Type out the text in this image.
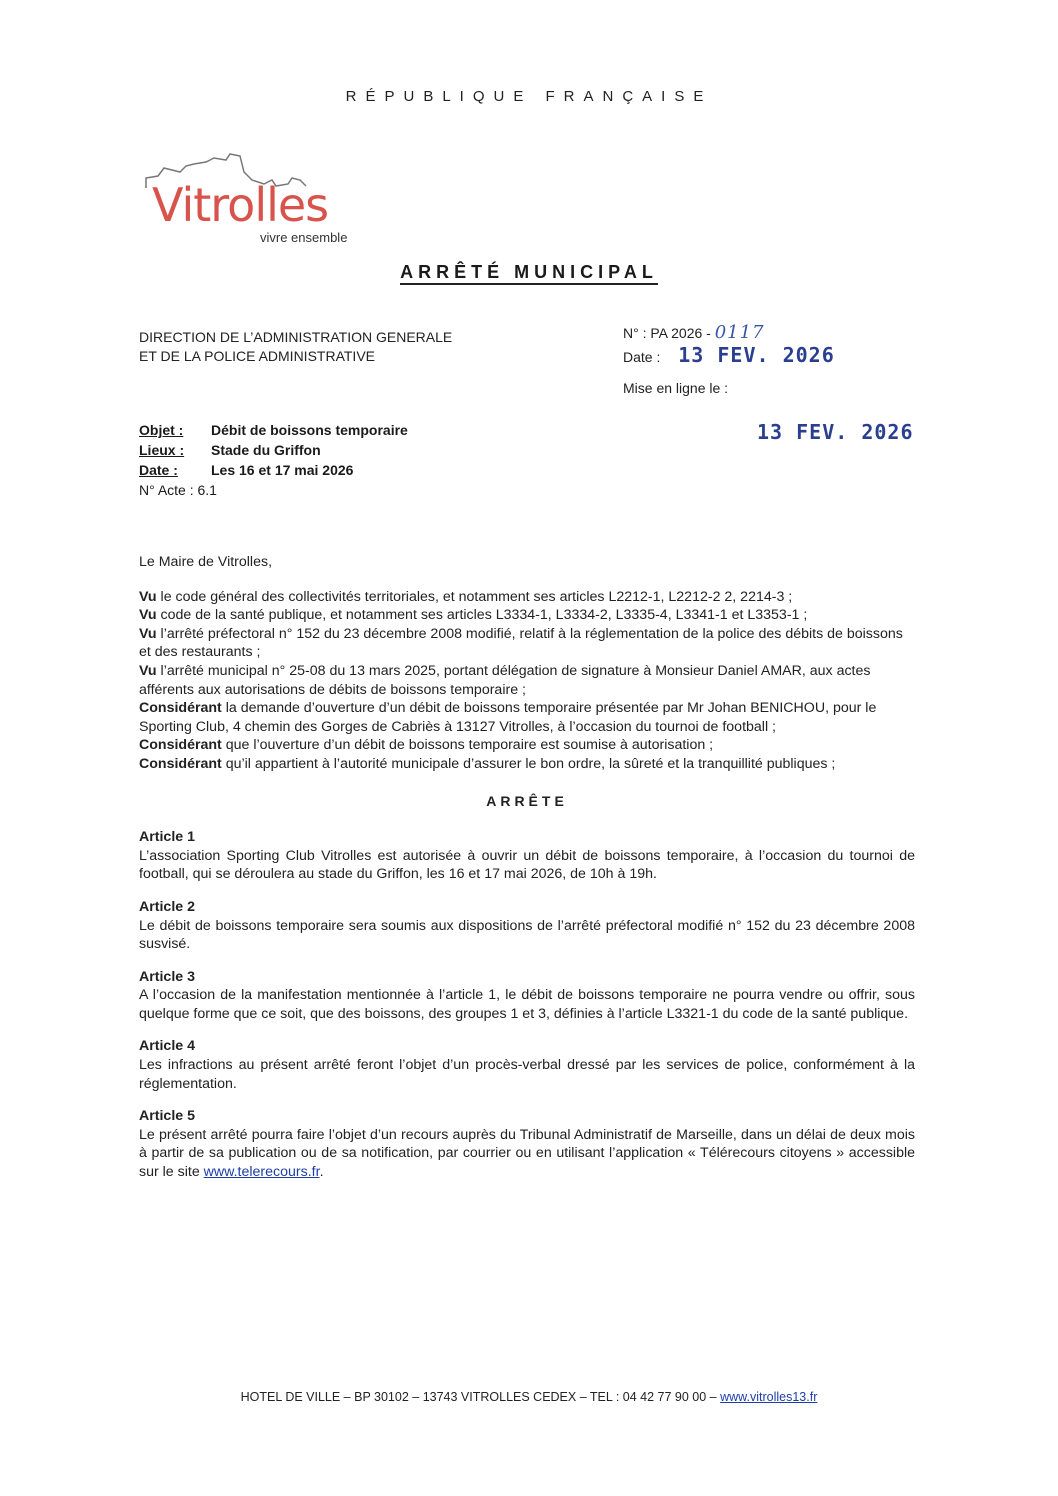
RÉPUBLIQUE FRANÇAISE
Vitrolles
vivre ensemble
ARRÊTÉ MUNICIPAL
DIRECTION DE L’ADMINISTRATION GENERALE
ET DE LA POLICE ADMINISTRATIVE
N° : PA 2026 - 0117
Date : 13 FEV. 2026
Mise en ligne le :
13 FEV. 2026
Objet : Débit de boissons temporaire
Lieux : Stade du Griffon
Date : Les 16 et 17 mai 2026
N° Acte : 6.1

Le Maire de Vitrolles,

Vu le code général des collectivités territoriales, et notamment ses articles L2212-1, L2212-2 2, 2214-3 ;

Vu code de la santé publique, et notamment ses articles L3334-1, L3334-2, L3335-4, L3341-1 et L3353-1 ;

Vu l’arrêté préfectoral n° 152 du 23 décembre 2008 modifié, relatif à la réglementation de la police des débits de boissons et des restaurants ;

Vu l’arrêté municipal n° 25-08 du 13 mars 2025, portant délégation de signature à Monsieur Daniel AMAR, aux actes afférents aux autorisations de débits de boissons temporaire ;

Considérant la demande d’ouverture d’un débit de boissons temporaire présentée par Mr Johan BENICHOU, pour le Sporting Club, 4 chemin des Gorges de Cabriès à 13127 Vitrolles, à l’occasion du tournoi de football ;

Considérant que l’ouverture d’un débit de boissons temporaire est soumise à autorisation ;

Considérant qu’il appartient à l’autorité municipale d’assurer le bon ordre, la sûreté et la tranquillité publiques ;

ARRÊTE

Article 1

L’association Sporting Club Vitrolles est autorisée à ouvrir un débit de boissons temporaire, à l’occasion du tournoi de football, qui se déroulera au stade du Griffon, les 16 et 17 mai 2026, de 10h à 19h.

Article 2

Le débit de boissons temporaire sera soumis aux dispositions de l’arrêté préfectoral modifié n° 152 du 23 décembre 2008 susvisé.

Article 3

A l’occasion de la manifestation mentionnée à l’article 1, le débit de boissons temporaire ne pourra vendre ou offrir, sous quelque forme que ce soit, que des boissons, des groupes 1 et 3, définies à l’article L3321-1 du code de la santé publique.

Article 4

Les infractions au présent arrêté feront l’objet d’un procès-verbal dressé par les services de police, conformément à la réglementation.

Article 5

Le présent arrêté pourra faire l’objet d’un recours auprès du Tribunal Administratif de Marseille, dans un délai de deux mois à partir de sa publication ou de sa notification, par courrier ou en utilisant l’application « Télérecours citoyens » accessible sur le site www.telerecours.fr.

HOTEL DE VILLE – BP 30102 – 13743 VITROLLES CEDEX – TEL : 04 42 77 90 00 – www.vitrolles13.fr
